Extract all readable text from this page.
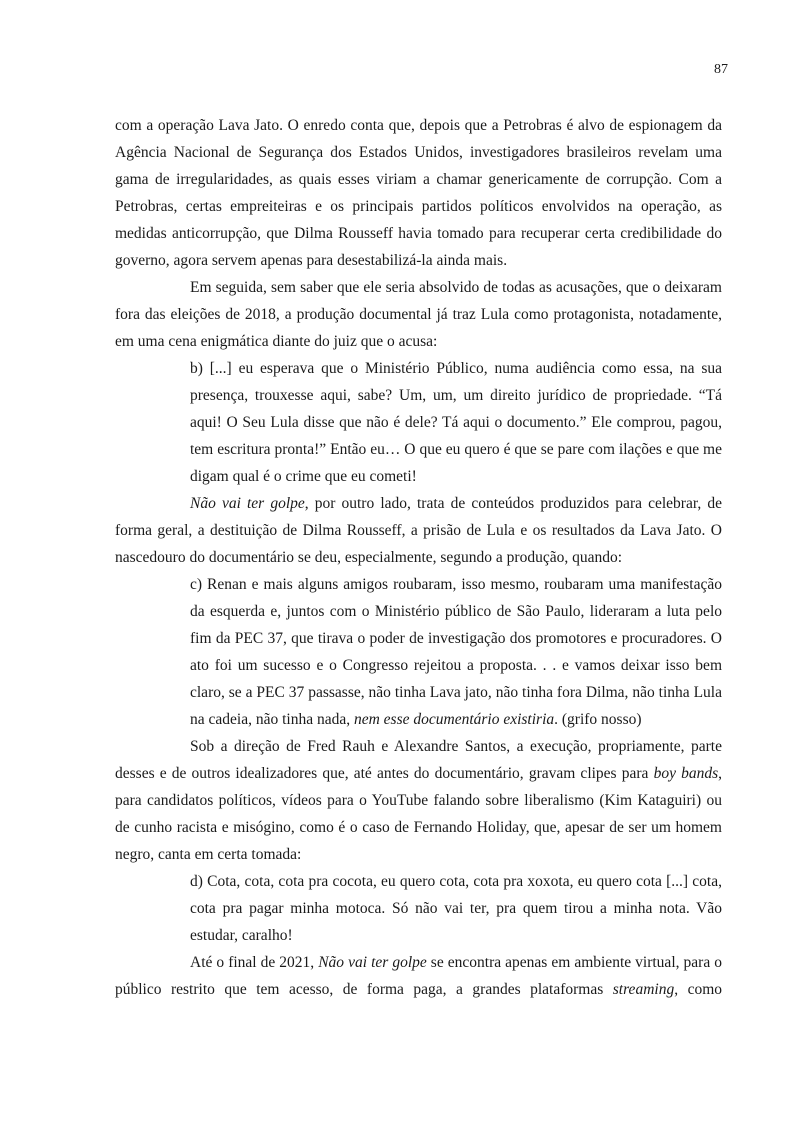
87

com a operação Lava Jato. O enredo conta que, depois que a Petrobras é alvo de espionagem da Agência Nacional de Segurança dos Estados Unidos, investigadores brasileiros revelam uma gama de irregularidades, as quais esses viriam a chamar genericamente de corrupção. Com a Petrobras, certas empreiteiras e os principais partidos políticos envolvidos na operação, as medidas anticorrupção, que Dilma Rousseff havia tomado para recuperar certa credibilidade do governo, agora servem apenas para desestabilizá-la ainda mais.

Em seguida, sem saber que ele seria absolvido de todas as acusações, que o deixaram fora das eleições de 2018, a produção documental já traz Lula como protagonista, notadamente, em uma cena enigmática diante do juiz que o acusa:

b) [...] eu esperava que o Ministério Público, numa audiência como essa, na sua presença, trouxesse aqui, sabe? Um, um, um direito jurídico de propriedade. “Tá aqui! O Seu Lula disse que não é dele? Tá aqui o documento.” Ele comprou, pagou, tem escritura pronta!” Então eu… O que eu quero é que se pare com ilações e que me digam qual é o crime que eu cometi!

Não vai ter golpe, por outro lado, trata de conteúdos produzidos para celebrar, de forma geral, a destituição de Dilma Rousseff, a prisão de Lula e os resultados da Lava Jato. O nascedouro do documentário se deu, especialmente, segundo a produção, quando:

c) Renan e mais alguns amigos roubaram, isso mesmo, roubaram uma manifestação da esquerda e, juntos com o Ministério público de São Paulo, lideraram a luta pelo fim da PEC 37, que tirava o poder de investigação dos promotores e procuradores. O ato foi um sucesso e o Congresso rejeitou a proposta. . . e vamos deixar isso bem claro, se a PEC 37 passasse, não tinha Lava jato, não tinha fora Dilma, não tinha Lula na cadeia, não tinha nada, nem esse documentário existiria. (grifo nosso)

Sob a direção de Fred Rauh e Alexandre Santos, a execução, propriamente, parte desses e de outros idealizadores que, até antes do documentário, gravam clipes para boy bands, para candidatos políticos, vídeos para o YouTube falando sobre liberalismo (Kim Kataguiri) ou de cunho racista e misógino, como é o caso de Fernando Holiday, que, apesar de ser um homem negro, canta em certa tomada:

d) Cota, cota, cota pra cocota, eu quero cota, cota pra xoxota, eu quero cota [...] cota, cota pra pagar minha motoca. Só não vai ter, pra quem tirou a minha nota. Vão estudar, caralho!

Até o final de 2021, Não vai ter golpe se encontra apenas em ambiente virtual, para o público restrito que tem acesso, de forma paga, a grandes plataformas streaming, como
